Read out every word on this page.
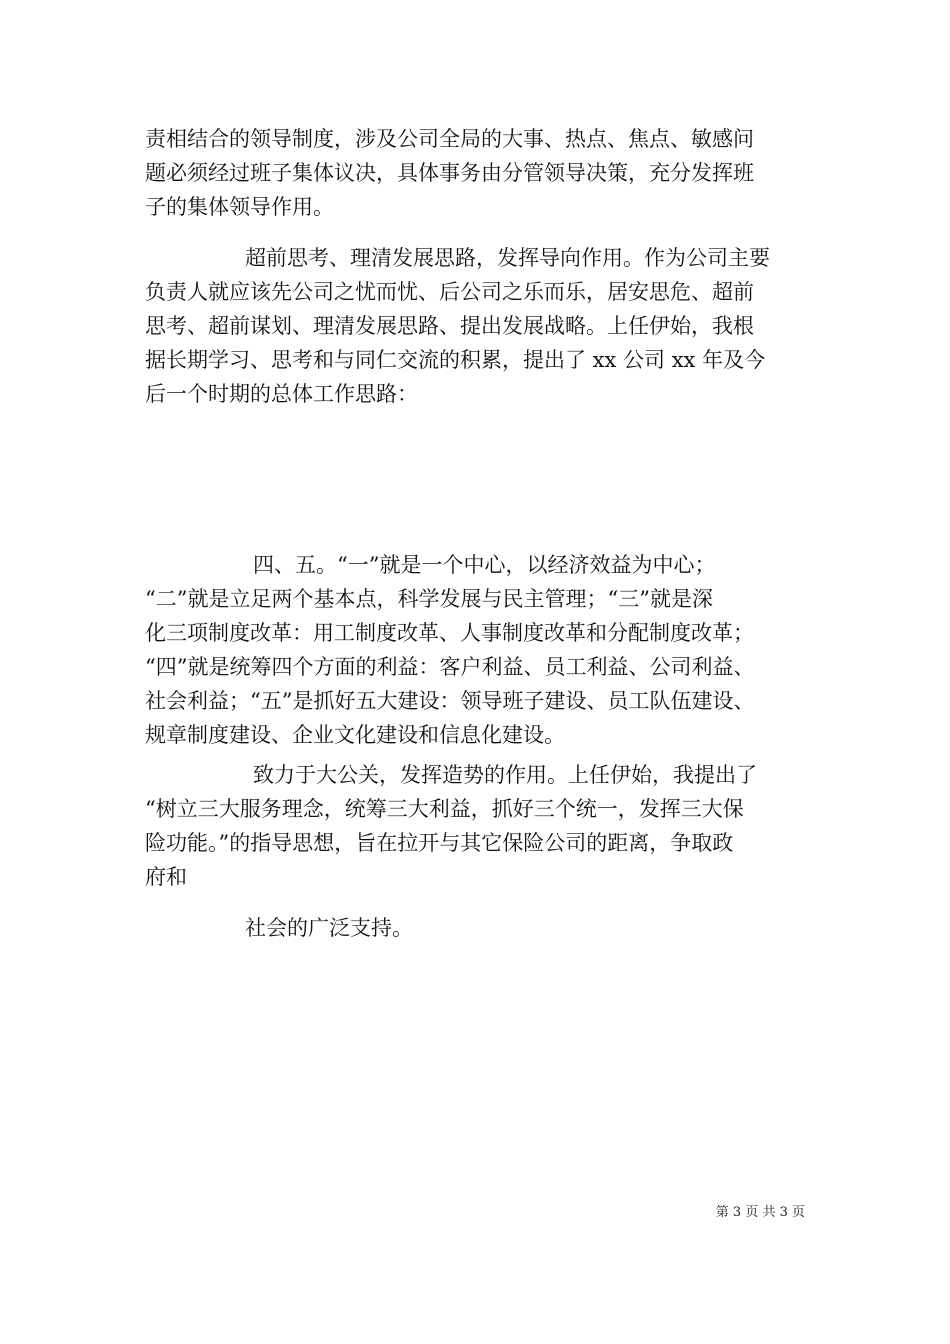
责相结合的领导制度，涉及公司全局的大事、热点、焦点、敏感问
题必须经过班子集体议决，具体事务由分管领导决策，充分发挥班
子的集体领导作用。
超前思考、理清发展思路，发挥导向作用。作为公司主要
负责人就应该先公司之忧而忧、后公司之乐而乐，居安思危、超前
思考、超前谋划、理清发展思路、提出发展战略。上任伊始，我根
据长期学习、思考和与同仁交流的积累，提出了 xx 公司 xx 年及今
后一个时期的总体工作思路：
四、五。“一”就是一个中心，以经济效益为中心；
“二”就是立足两个基本点，科学发展与民主管理；“三”就是深
化三项制度改革：用工制度改革、人事制度改革和分配制度改革；
“四”就是统筹四个方面的利益：客户利益、员工利益、公司利益、
社会利益；“五”是抓好五大建设：领导班子建设、员工队伍建设、
规章制度建设、企业文化建设和信息化建设。
致力于大公关，发挥造势的作用。上任伊始，我提出了
“树立三大服务理念，统筹三大利益，抓好三个统一，发挥三大保
险功能。”的指导思想，旨在拉开与其它保险公司的距离，争取政
府和
社会的广泛支持。
第 3 页 共 3 页
